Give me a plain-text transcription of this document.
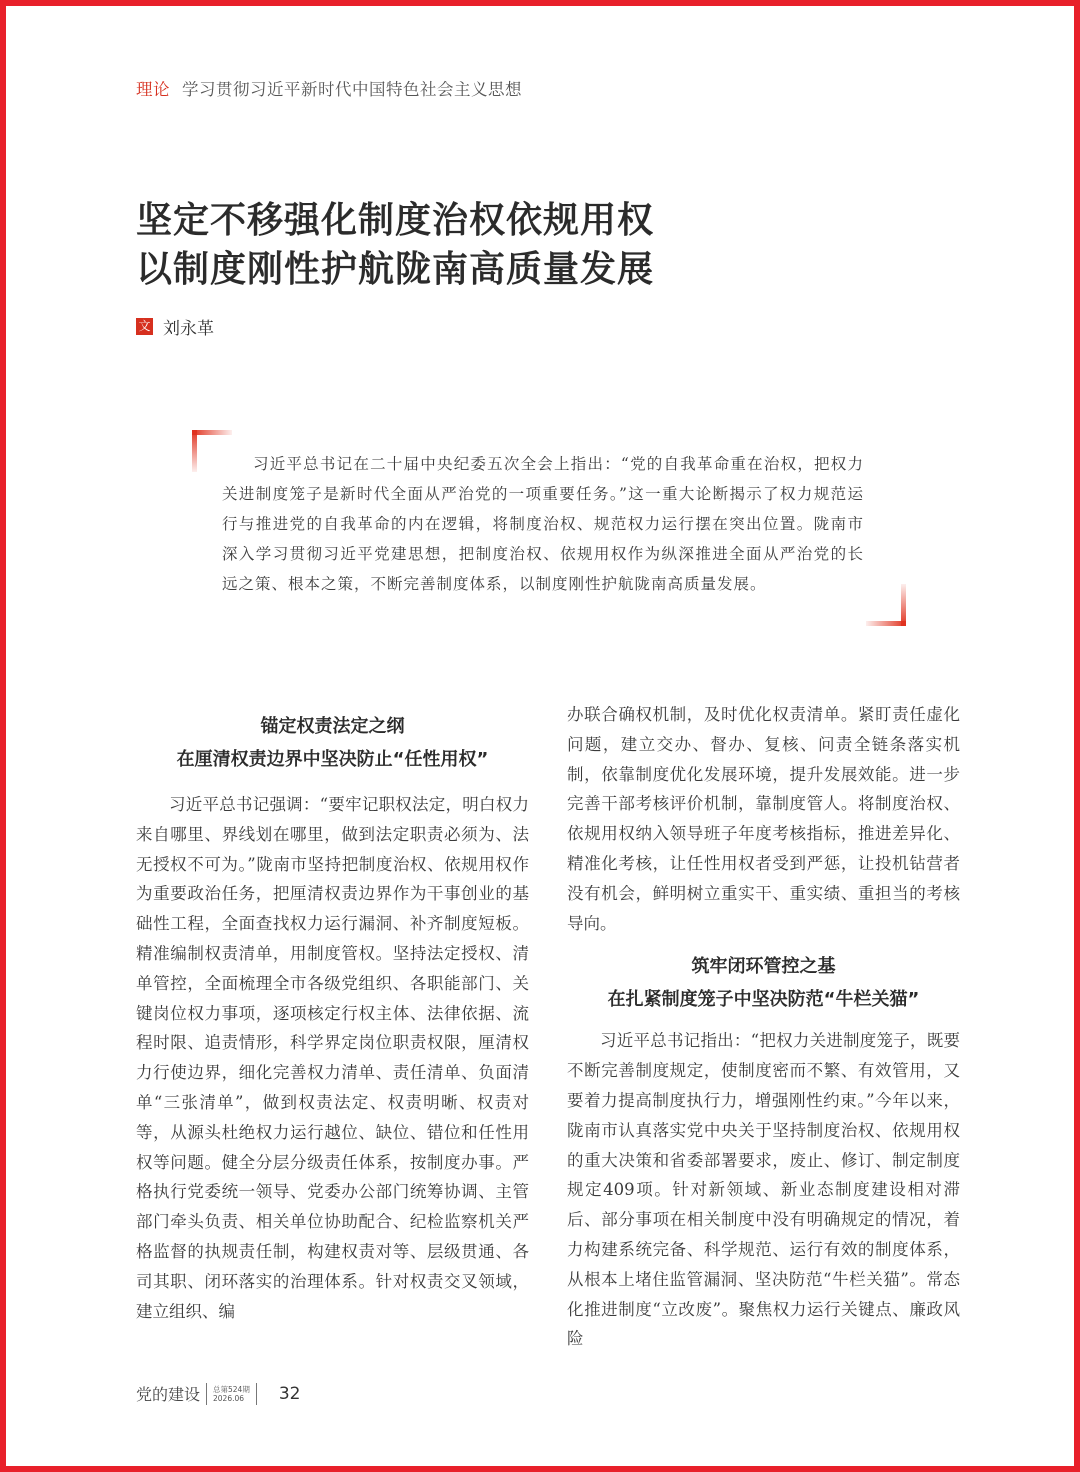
理论 学习贯彻习近平新时代中国特色社会主义思想
坚定不移强化制度治权依规用权
以制度刚性护航陇南高质量发展
文 刘永革
习近平总书记在二十届中央纪委五次全会上指出：“党的自我革命重在治权，把权力关进制度笼子是新时代全面从严治党的一项重要任务。”这一重大论断揭示了权力规范运行与推进党的自我革命的内在逻辑，将制度治权、规范权力运行摆在突出位置。陇南市深入学习贯彻习近平党建思想，把制度治权、依规用权作为纵深推进全面从严治党的长远之策、根本之策，不断完善制度体系，以制度刚性护航陇南高质量发展。
锚定权责法定之纲
在厘清权责边界中坚决防止“任性用权”

习近平总书记强调：“要牢记职权法定，明白权力来自哪里、界线划在哪里，做到法定职责必须为、法无授权不可为。”陇南市坚持把制度治权、依规用权作为重要政治任务，把厘清权责边界作为干事创业的基础性工程，全面查找权力运行漏洞、补齐制度短板。精准编制权责清单，用制度管权。坚持法定授权、清单管控，全面梳理全市各级党组织、各职能部门、关键岗位权力事项，逐项核定行权主体、法律依据、流程时限、追责情形，科学界定岗位职责权限，厘清权力行使边界，细化完善权力清单、责任清单、负面清单“三张清单”，做到权责法定、权责明晰、权责对等，从源头杜绝权力运行越位、缺位、错位和任性用权等问题。健全分层分级责任体系，按制度办事。严格执行党委统一领导、党委办公部门统筹协调、主管部门牵头负责、相关单位协助配合、纪检监察机关严格监督的执规责任制，构建权责对等、层级贯通、各司其职、闭环落实的治理体系。针对权责交叉领域，建立组织、编

办联合确权机制，及时优化权责清单。紧盯责任虚化问题，建立交办、督办、复核、问责全链条落实机制，依靠制度优化发展环境，提升发展效能。进一步完善干部考核评价机制，靠制度管人。将制度治权、依规用权纳入领导班子年度考核指标，推进差异化、精准化考核，让任性用权者受到严惩，让投机钻营者没有机会，鲜明树立重实干、重实绩、重担当的考核导向。

筑牢闭环管控之基
在扎紧制度笼子中坚决防范“牛栏关猫”

习近平总书记指出：“把权力关进制度笼子，既要不断完善制度规定，使制度密而不繁、有效管用，又要着力提高制度执行力，增强刚性约束。”今年以来，陇南市认真落实党中央关于坚持制度治权、依规用权的重大决策和省委部署要求，废止、修订、制定制度规定409项。针对新领域、新业态制度建设相对滞后、部分事项在相关制度中没有明确规定的情况，着力构建系统完备、科学规范、运行有效的制度体系，从根本上堵住监管漏洞、坚决防范“牛栏关猫”。常态化推进制度“立改废”。聚焦权力运行关键点、廉政风险

党的建设 总第524期
2026.06	32
